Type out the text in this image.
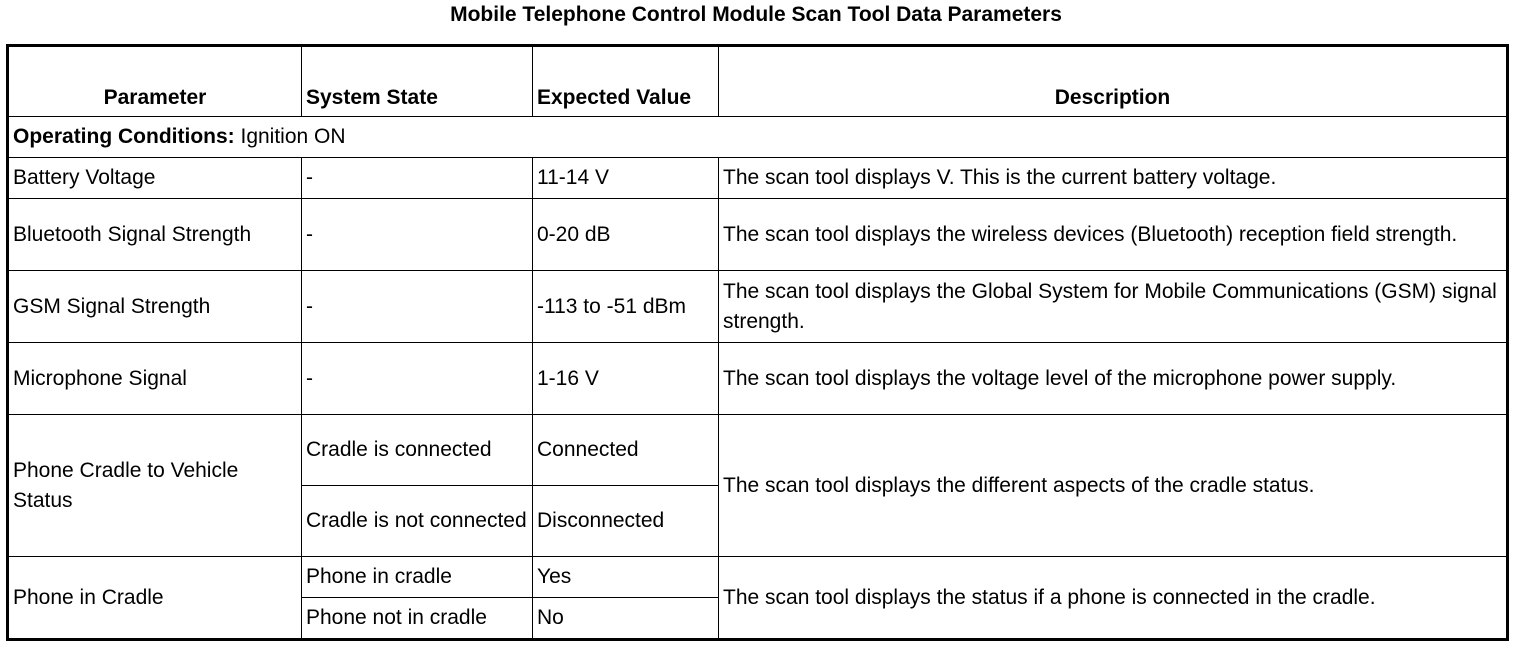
Mobile Telephone Control Module Scan Tool Data Parameters
Parameter	System State	Expected Value	Description
Operating Conditions: Ignition ON			
Battery Voltage	-	11-14 V	The scan tool displays V. This is the current battery voltage.
Bluetooth Signal Strength	-	0-20 dB	The scan tool displays the wireless devices (Bluetooth) reception field strength.
GSM Signal Strength	-	-113 to -51 dBm	The scan tool displays the Global System for Mobile Communications (GSM) signal strength.
Microphone Signal	-	1-16 V	The scan tool displays the voltage level of the microphone power supply.
Phone Cradle to Vehicle Status	Cradle is connected	Connected	The scan tool displays the different aspects of the cradle status.
	Cradle is not connected	Disconnected	
Phone in Cradle	Phone in cradle	Yes	The scan tool displays the status if a phone is connected in the cradle.
	Phone not in cradle	No	
